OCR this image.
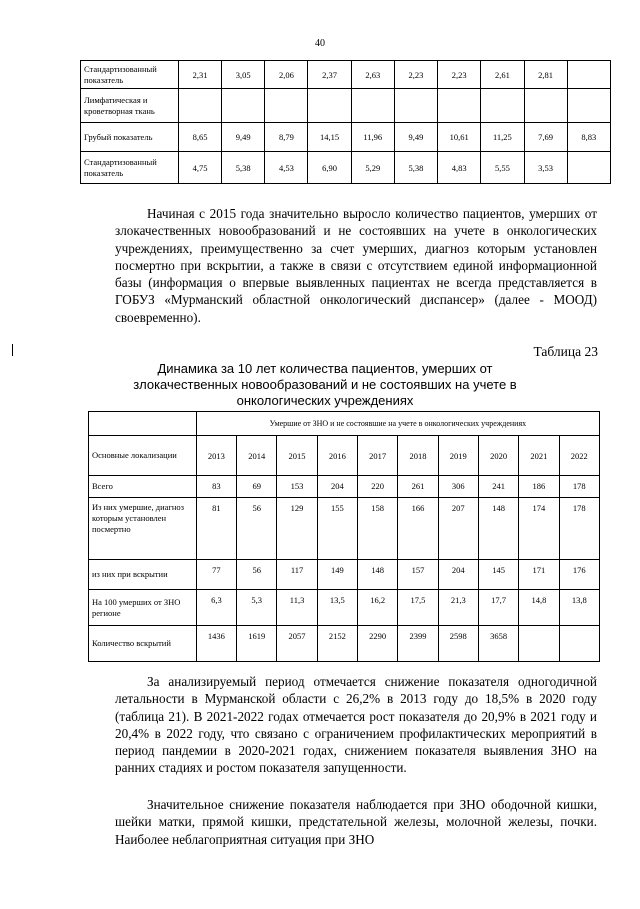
40
Стандартизованный показатель	2,31	3,05	2,06	2,37	2,63	2,23	2,23	2,61	2,81	
Лимфатическая и кроветворная ткань										
Грубый показатель	8,65	9,49	8,79	14,15	11,96	9,49	10,61	11,25	7,69	8,83
Стандартизованный показатель	4,75	5,38	4,53	6,90	5,29	5,38	4,83	5,55	3,53	

Начиная с 2015 года значительно выросло количество пациентов, умерших от злокачественных новообразований и не состоявших на учете в онкологических учреждениях, преимущественно за счет умерших, диагноз которым установлен посмертно при вскрытии, а также в связи с отсутствием единой информационной базы (информация о впервые выявленных пациентах не всегда представляется в ГОБУЗ «Мурманский областной онкологический диспансер» (далее - МООД) своевременно).

Таблица 23
Динамика за 10 лет количества пациентов, умерших от злокачественных новообразований и не состоявших на учете в онкологических учреждениях
	Умершие от ЗНО и не состоявшие на учете в онкологических учреждениях									
Основные локализации	2013	2014	2015	2016	2017	2018	2019	2020	2021	2022
Всего	83	69	153	204	220	261	306	241	186	178
Из них умершие, диагноз которым установлен посмертно	81	56	129	155	158	166	207	148	174	178
из них при вскрытии	77	56	117	149	148	157	204	145	171	176
На 100 умерших от ЗНО регионе	6,3	5,3	11,3	13,5	16,2	17,5	21,3	17,7	14,8	13,8
Количество вскрытий	1436	1619	2057	2152	2290	2399	2598	3658		

За анализируемый период отмечается снижение показателя одногодичной летальности в Мурманской области с 26,2% в 2013 году до 18,5% в 2020 году (таблица 21). В 2021-2022 годах отмечается рост показателя до 20,9% в 2021 году и 20,4% в 2022 году, что связано с ограничением профилактических мероприятий в период пандемии в 2020-2021 годах, снижением показателя выявления ЗНО на ранних стадиях и ростом показателя запущенности.

Значительное снижение показателя наблюдается при ЗНО ободочной кишки, шейки матки, прямой кишки, предстательной железы, молочной железы, почки. Наиболее неблагоприятная ситуация при ЗНО
